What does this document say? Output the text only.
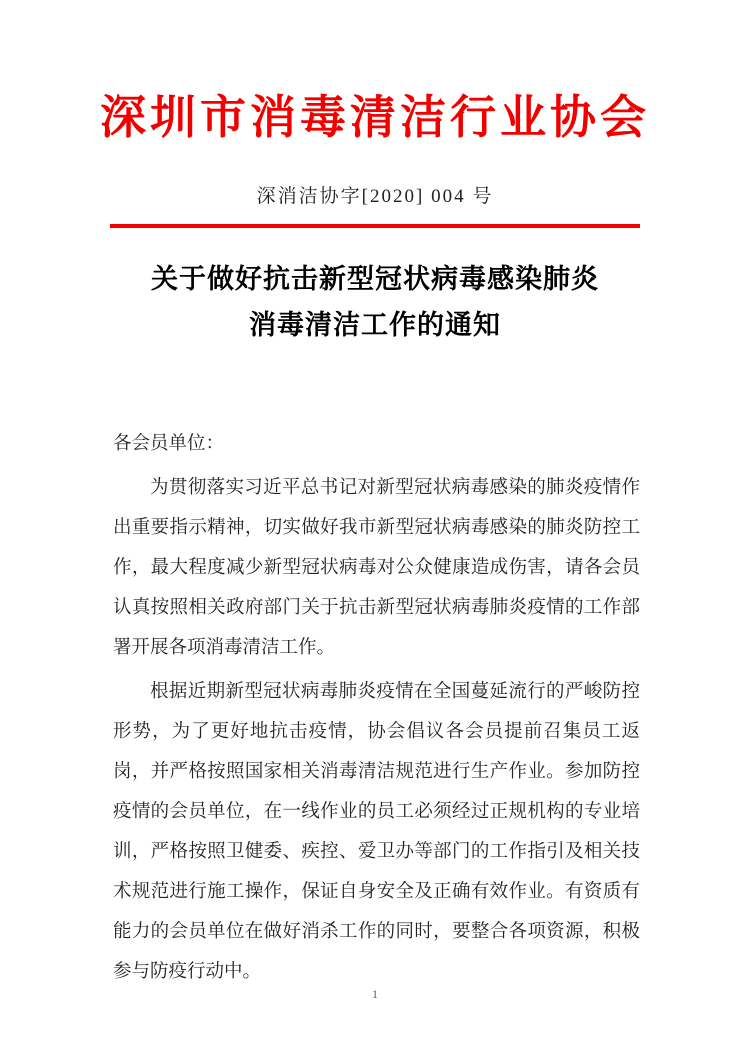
深圳市消毒清洁行业协会
深消洁协字[2020] 004 号
关于做好抗击新型冠状病毒感染肺炎
消毒清洁工作的通知

各会员单位：

为贯彻落实习近平总书记对新型冠状病毒感染的肺炎疫情作出重要指示精神，切实做好我市新型冠状病毒感染的肺炎防控工作，最大程度减少新型冠状病毒对公众健康造成伤害，请各会员认真按照相关政府部门关于抗击新型冠状病毒肺炎疫情的工作部署开展各项消毒清洁工作。

根据近期新型冠状病毒肺炎疫情在全国蔓延流行的严峻防控形势，为了更好地抗击疫情，协会倡议各会员提前召集员工返岗，并严格按照国家相关消毒清洁规范进行生产作业。参加防控疫情的会员单位，在一线作业的员工必须经过正规机构的专业培训，严格按照卫健委、疾控、爱卫办等部门的工作指引及相关技术规范进行施工操作，保证自身安全及正确有效作业。有资质有能力的会员单位在做好消杀工作的同时，要整合各项资源，积极参与防疫行动中。

1
